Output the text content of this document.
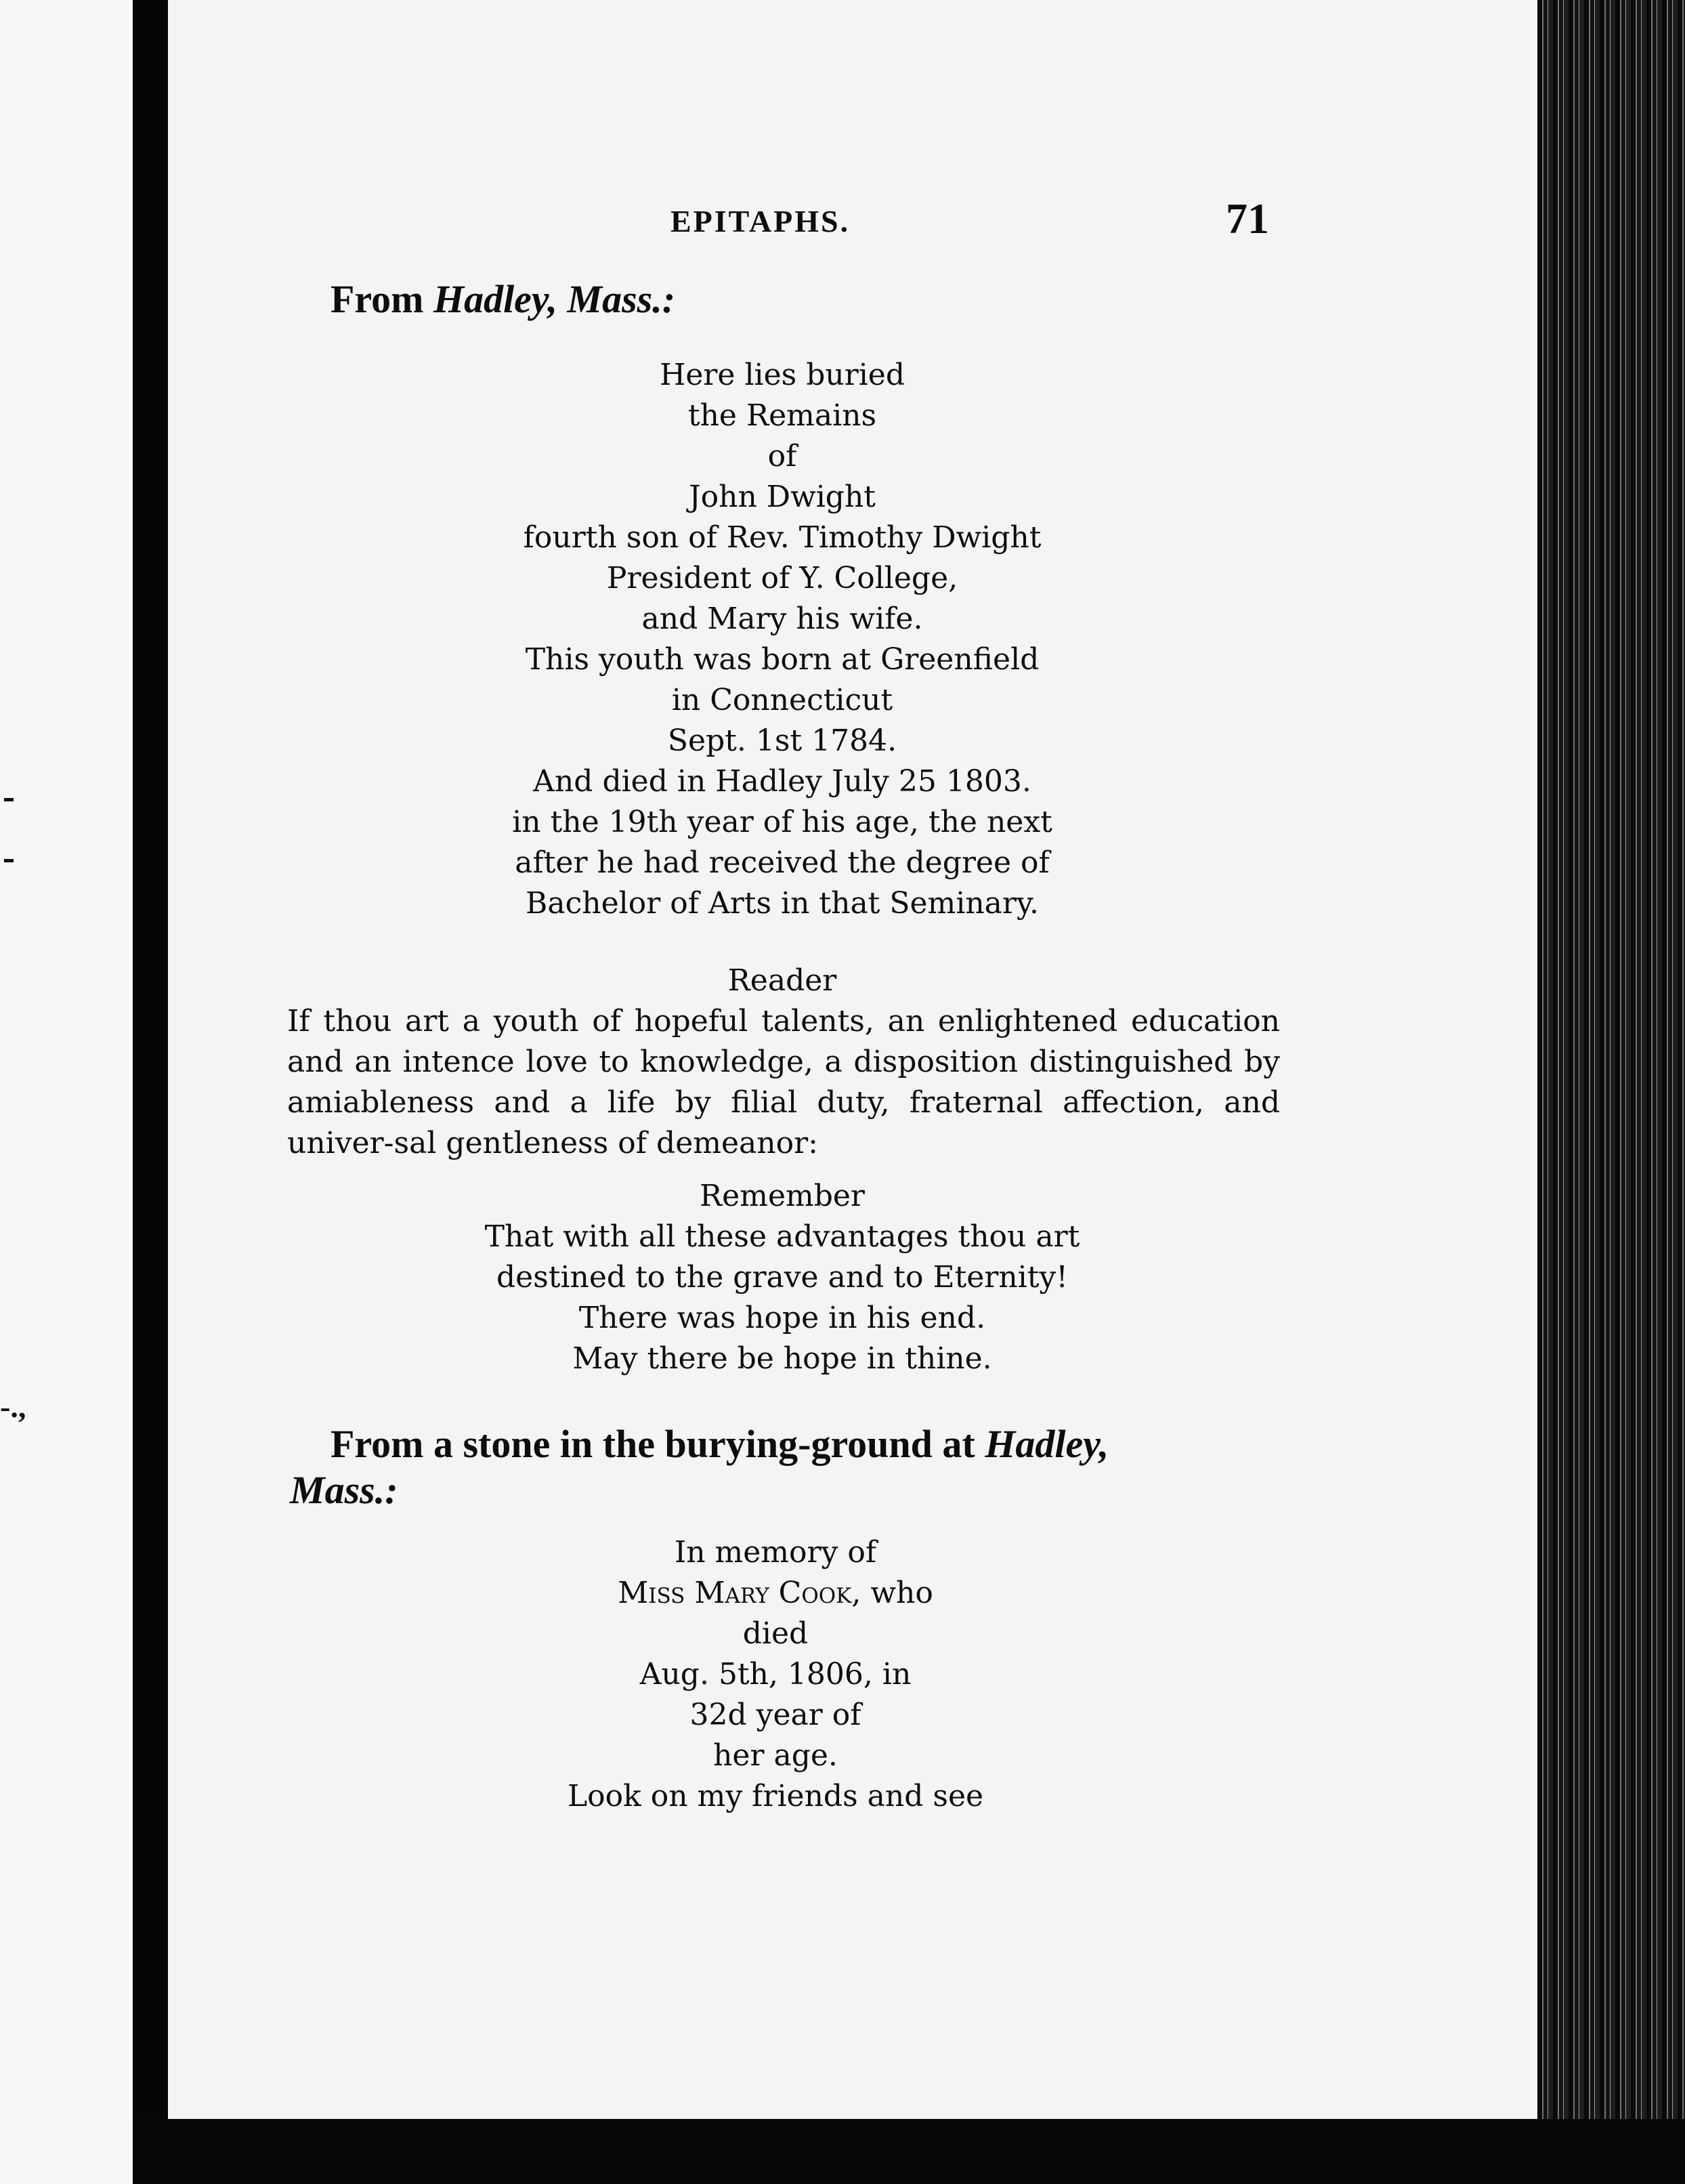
-.,
EPITAPHS.	71
From Hadley, Mass.:
Here lies buried
the Remains
of
John Dwight
fourth son of Rev. Timothy Dwight
President of Y. College,
and Mary his wife.
This youth was born at Greenfield
in Connecticut
Sept. 1st 1784.
And died in Hadley July 25 1803.
in the 19th year of his age, the next
after he had received the degree of
Bachelor of Arts in that Seminary.
Reader

If thou art a youth of hopeful talents, an enlightened education and an intence love to knowledge, a disposition distinguished by amiableness and a life by filial duty, fraternal affection, and univer-sal gentleness of demeanor:

Remember
That with all these advantages thou art
destined to the grave and to Eternity!
There was hope in his end.
May there be hope in thine.
From a stone in the burying-ground at Hadley,
Mass.:
In memory of
Miss Mary Cook, who
died
Aug. 5th, 1806, in
32d year of
her age.
Look on my friends and see
